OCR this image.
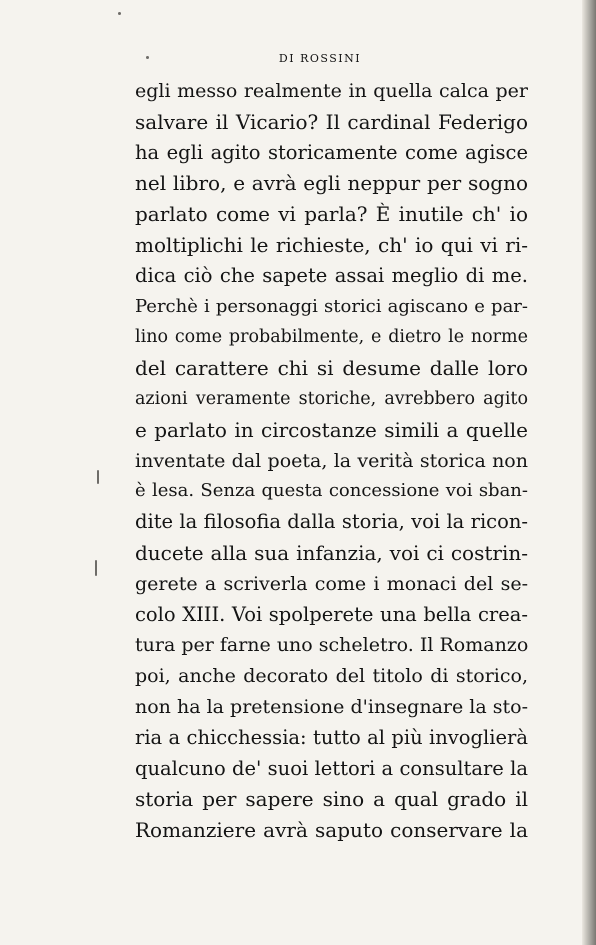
DI ROSSINI
egli messo realmente in quella calca per
salvare il Vicario? Il cardinal Federigo
ha egli agito storicamente come agisce
nel libro, e avrà egli neppur per sogno
parlato come vi parla? È inutile ch' io
moltiplichi le richieste, ch' io qui vi ri-
dica ciò che sapete assai meglio di me.
Perchè i personaggi storici agiscano e par-
lino come probabilmente, e dietro le norme
del carattere chi si desume dalle loro
azioni veramente storiche, avrebbero agito
e parlato in circostanze simili a quelle
inventate dal poeta, la verità storica non
è lesa. Senza questa concessione voi sban-
dite la filosofia dalla storia, voi la ricon-
ducete alla sua infanzia, voi ci costrin-
gerete a scriverla come i monaci del se-
colo XIII. Voi spolperete una bella crea-
tura per farne uno scheletro. Il Romanzo
poi, anche decorato del titolo di storico,
non ha la pretensione d'insegnare la sto-
ria a chicchessia: tutto al più invoglierà
qualcuno de' suoi lettori a consultare la
storia per sapere sino a qual grado il
Romanziere avrà saputo conservare la
